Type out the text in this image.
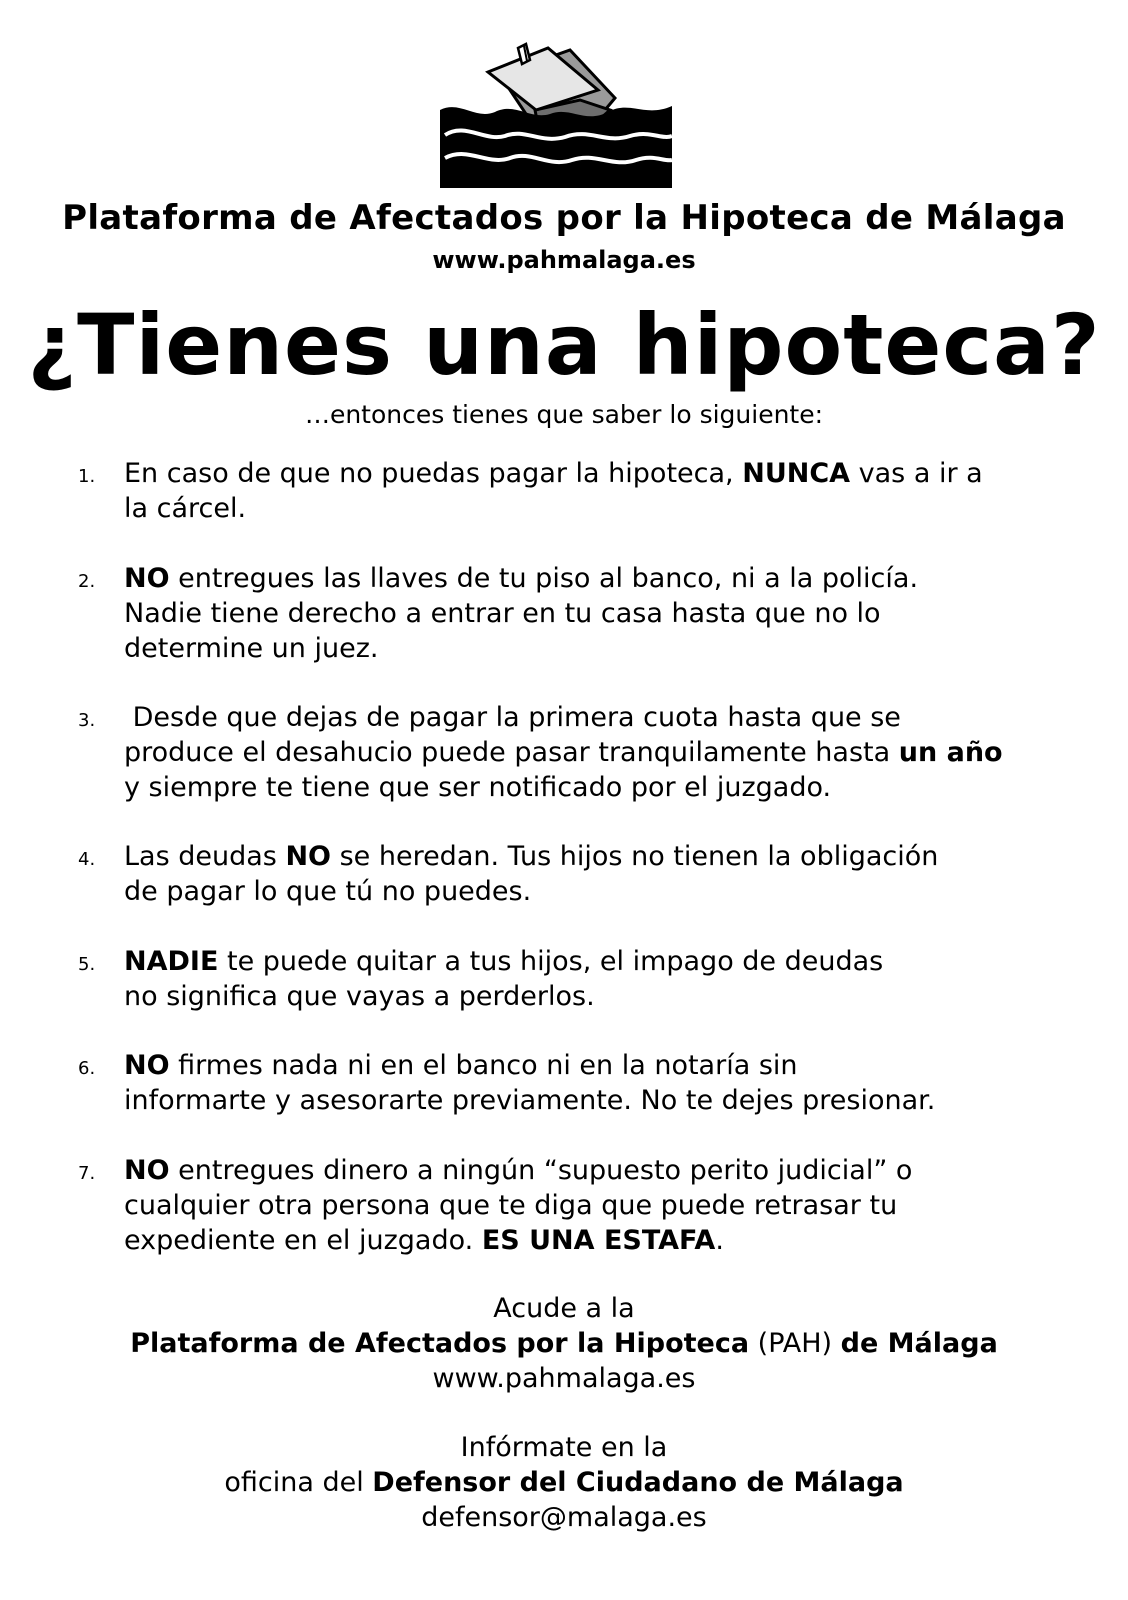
Plataforma de Afectados por la Hipoteca de Málaga
www.pahmalaga.es
¿Tienes una hipoteca?
…entonces tienes que saber lo siguiente:
1. En caso de que no puedas pagar la hipoteca, NUNCA vas a ir a
la cárcel.
2. NO entregues las llaves de tu piso al banco, ni a la policía.
Nadie tiene derecho a entrar en tu casa hasta que no lo
determine un juez.
3. Desde que dejas de pagar la primera cuota hasta que se
produce el desahucio puede pasar tranquilamente hasta un año
y siempre te tiene que ser notificado por el juzgado.
4. Las deudas NO se heredan. Tus hijos no tienen la obligación
de pagar lo que tú no puedes.
5. NADIE te puede quitar a tus hijos, el impago de deudas
no significa que vayas a perderlos.
6. NO firmes nada ni en el banco ni en la notaría sin
informarte y asesorarte previamente. No te dejes presionar.
7. NO entregues dinero a ningún “supuesto perito judicial” o
cualquier otra persona que te diga que puede retrasar tu
expediente en el juzgado. ES UNA ESTAFA.
Acude a la
Plataforma de Afectados por la Hipoteca (PAH) de Málaga
www.pahmalaga.es
Infórmate en la
oficina del Defensor del Ciudadano de Málaga
defensor@malaga.es
